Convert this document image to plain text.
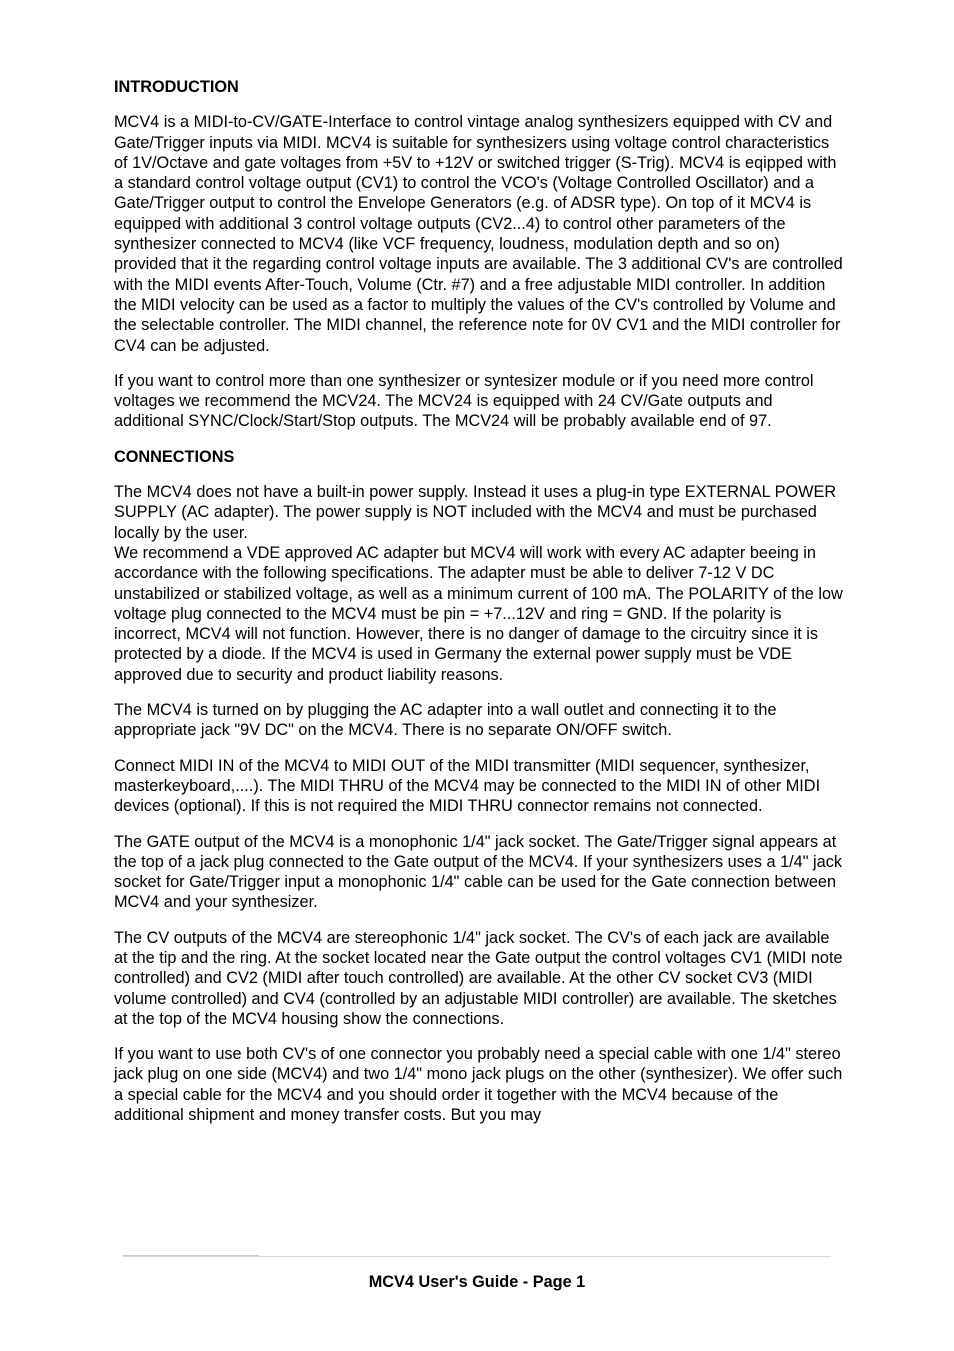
INTRODUCTION

MCV4 is a MIDI-to-CV/GATE-Interface to control vintage analog synthesizers equipped with CV and Gate/Trigger inputs via MIDI. MCV4 is suitable for synthesizers using voltage control characteristics of 1V/Octave and gate voltages from +5V to +12V or switched trigger (S-Trig). MCV4 is eqipped with a standard control voltage output (CV1) to control the VCO's (Voltage Controlled Oscillator) and a Gate/Trigger output to control the Envelope Generators (e.g. of ADSR type). On top of it MCV4 is equipped with additional 3 control voltage outputs (CV2...4) to control other parameters of the synthesizer connected to MCV4 (like VCF frequency, loudness, modulation depth and so on) provided that it the regarding control voltage inputs are available. The 3 additional CV's are controlled with the MIDI events After-Touch, Volume (Ctr. #7) and a free adjustable MIDI controller. In addition the MIDI velocity can be used as a factor to multiply the values of the CV's controlled by Volume and the selectable controller. The MIDI channel, the reference note for 0V CV1 and the MIDI controller for CV4 can be adjusted.

If you want to control more than one synthesizer or syntesizer module or if you need more control voltages we recommend the MCV24. The MCV24 is equipped with 24 CV/Gate outputs and additional SYNC/Clock/Start/Stop outputs. The MCV24 will be probably available end of 97.

CONNECTIONS

The MCV4 does not have a built-in power supply. Instead it uses a plug-in type EXTERNAL POWER SUPPLY (AC adapter). The power supply is NOT included with the MCV4 and must be purchased locally by the user.

We recommend a VDE approved AC adapter but MCV4 will work with every AC adapter beeing in accordance with the following specifications. The adapter must be able to deliver 7-12 V DC unstabilized or stabilized voltage, as well as a minimum current of 100 mA. The POLARITY of the low voltage plug connected to the MCV4 must be pin = +7...12V and ring = GND. If the polarity is incorrect, MCV4 will not function. However, there is no danger of damage to the circuitry since it is protected by a diode. If the MCV4 is used in Germany the external power supply must be VDE approved due to security and product liability reasons.

The MCV4 is turned on by plugging the AC adapter into a wall outlet and connecting it to the appropriate jack "9V DC" on the MCV4. There is no separate ON/OFF switch.

Connect MIDI IN of the MCV4 to MIDI OUT of the MIDI transmitter (MIDI sequencer, synthesizer, masterkeyboard,....). The MIDI THRU of the MCV4 may be connected to the MIDI IN of other MIDI devices (optional). If this is not required the MIDI THRU connector remains not connected.

The GATE output of the MCV4 is a monophonic 1/4" jack socket. The Gate/Trigger signal appears at the top of a jack plug connected to the Gate output of the MCV4. If your synthesizers uses a 1/4" jack socket for Gate/Trigger input a monophonic 1/4" cable can be used for the Gate connection between MCV4 and your synthesizer.

The CV outputs of the MCV4 are stereophonic 1/4" jack socket. The CV's of each jack are available at the tip and the ring. At the socket located near the Gate output the control voltages CV1 (MIDI note controlled) and CV2 (MIDI after touch controlled) are available. At the other CV socket CV3 (MIDI volume controlled) and CV4 (controlled by an adjustable MIDI controller) are available. The sketches at the top of the MCV4 housing show the connections.

If you want to use both CV's of one connector you probably need a special cable with one 1/4" stereo jack plug on one side (MCV4) and two 1/4" mono jack plugs on the other (synthesizer). We offer such a special cable for the MCV4 and you should order it together with the MCV4 because of the additional shipment and money transfer costs. But you may

MCV4 User's Guide - Page 1
